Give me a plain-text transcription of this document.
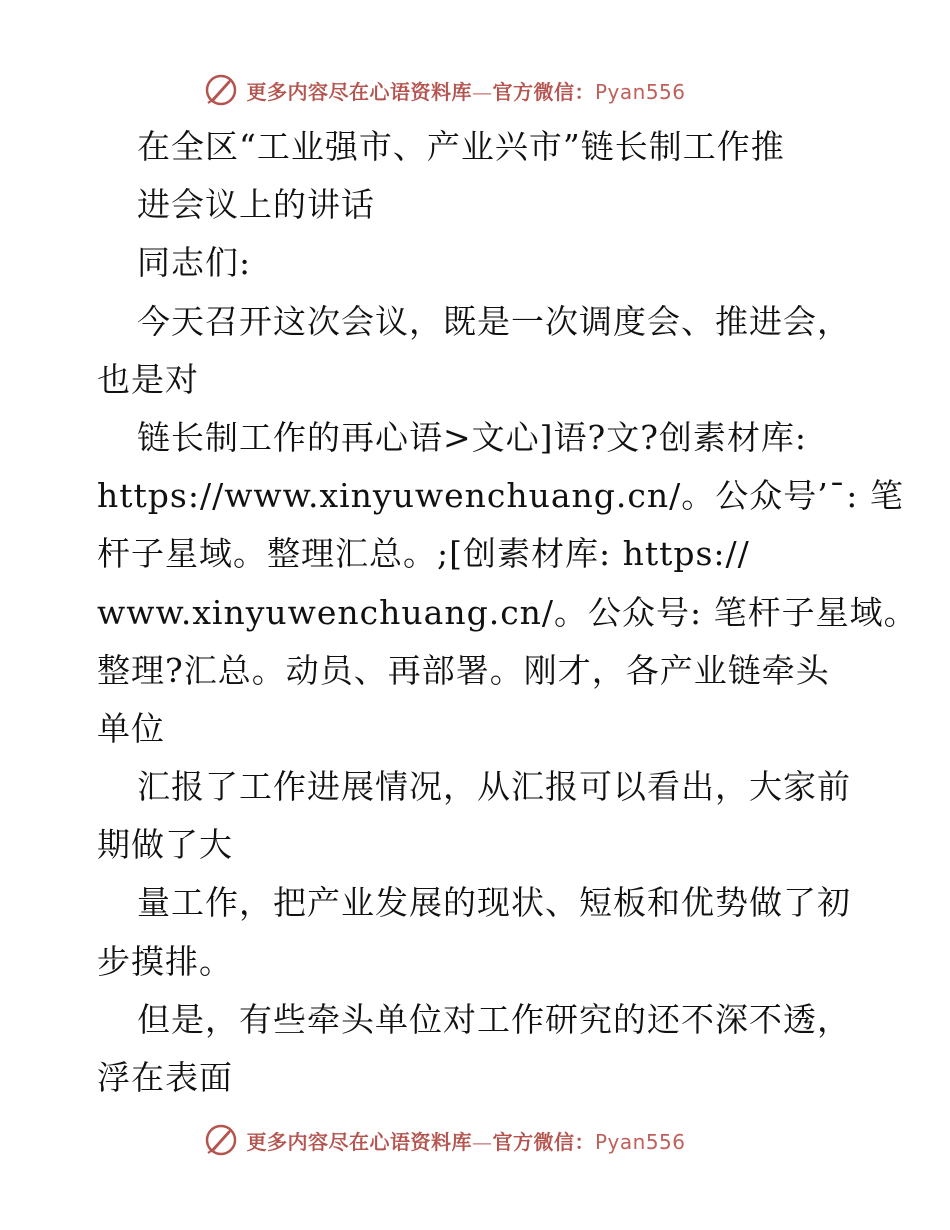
更多内容尽在心语资料库—官方微信：Pyan556
在全区“工业强市、产业兴市”链长制工作推
进会议上的讲话
同志们:
今天召开这次会议，既是一次调度会、推进会，
也是对
链长制工作的再心语>文心]语?文?创素材库:
https://www.xinyuwenchuang.cn/。公众号’¯: 笔
杆子星域。整理汇总。;[创素材库: https://
www.xinyuwenchuang.cn/。公众号: 笔杆子星域。
整理?汇总。动员、再部署。刚才，各产业链牵头
单位
汇报了工作进展情况，从汇报可以看出，大家前
期做了大
量工作，把产业发展的现状、短板和优势做了初
步摸排。
但是，有些牵头单位对工作研究的还不深不透，
浮在表面
更多内容尽在心语资料库—官方微信：Pyan556
